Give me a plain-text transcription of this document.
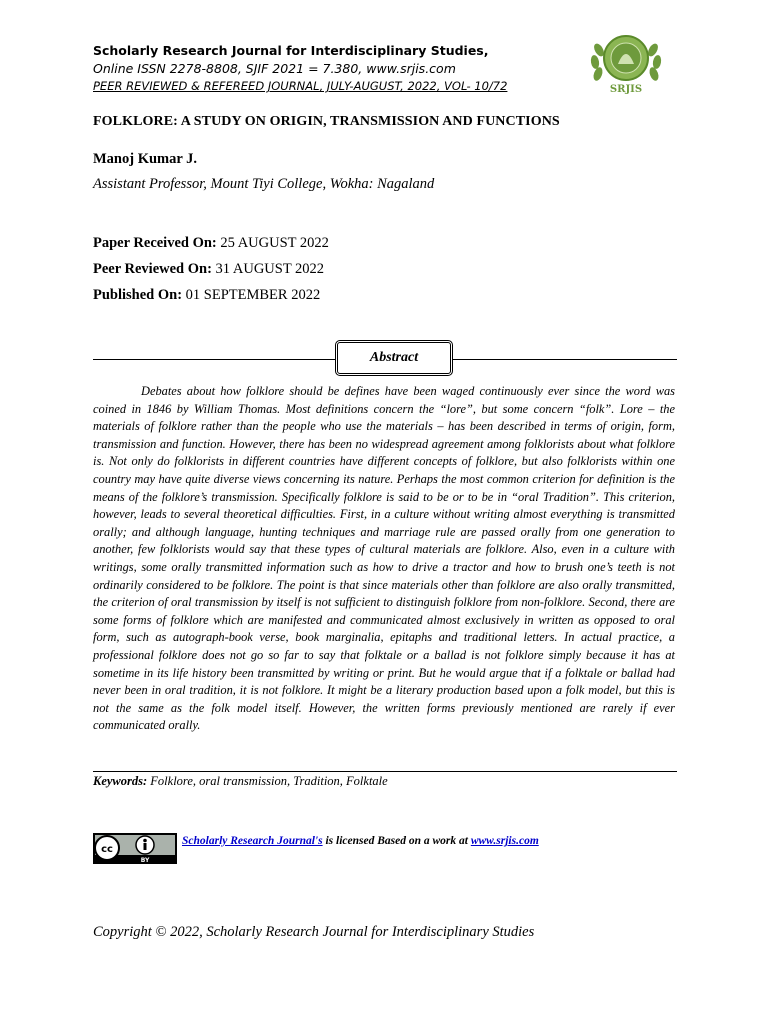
Scholarly Research Journal for Interdisciplinary Studies,
Online ISSN 2278-8808, SJIF 2021 = 7.380, www.srjis.com
PEER REVIEWED & REFEREED JOURNAL, JULY-AUGUST, 2022, VOL- 10/72	SRJIS
FOLKLORE: A STUDY ON ORIGIN, TRANSMISSION AND FUNCTIONS
Manoj Kumar J.
Assistant Professor, Mount Tiyi College, Wokha: Nagaland
Paper Received On: 25 AUGUST 2022
Peer Reviewed On: 31 AUGUST 2022
Published On: 01 SEPTEMBER 2022
Abstract

Debates about how folklore should be defines have been waged continuously ever since the word was coined in 1846 by William Thomas. Most definitions concern the “lore”, but some concern “folk”. Lore – the materials of folklore rather than the people who use the materials – has been described in terms of origin, form, transmission and function. However, there has been no widespread agreement among folklorists about what folklore is. Not only do folklorists in different countries have different concepts of folklore, but also folklorists within one country may have quite diverse views concerning its nature. Perhaps the most common criterion for definition is the means of the folklore’s transmission. Specifically folklore is said to be or to be in “oral Tradition”. This criterion, however, leads to several theoretical difficulties. First, in a culture without writing almost everything is transmitted orally; and although language, hunting techniques and marriage rule are passed orally from one generation to another, few folklorists would say that these types of cultural materials are folklore. Also, even in a culture with writings, some orally transmitted information such as how to drive a tractor and how to brush one’s teeth is not ordinarily considered to be folklore. The point is that since materials other than folklore are also orally transmitted, the criterion of oral transmission by itself is not sufficient to distinguish folklore from non-folklore. Second, there are some forms of folklore which are manifested and communicated almost exclusively in written as opposed to oral form, such as autograph-book verse, book marginalia, epitaphs and traditional letters. In actual practice, a professional folklore does not go so far to say that folktale or a ballad is not folklore simply because it has at sometime in its life history been transmitted by writing or print. But he would argue that if a folktale or ballad had never been in oral tradition, it is not folklore. It might be a literary production based upon a folk model, but this is not the same as the folk model itself. However, the written forms previously mentioned are rarely if ever communicated orally.

Keywords: Folklore, oral transmission, Tradition, Folktale
cc
BY
Scholarly Research Journal's is licensed Based on a work at www.srjis.com
Copyright © 2022, Scholarly Research Journal for Interdisciplinary Studies
